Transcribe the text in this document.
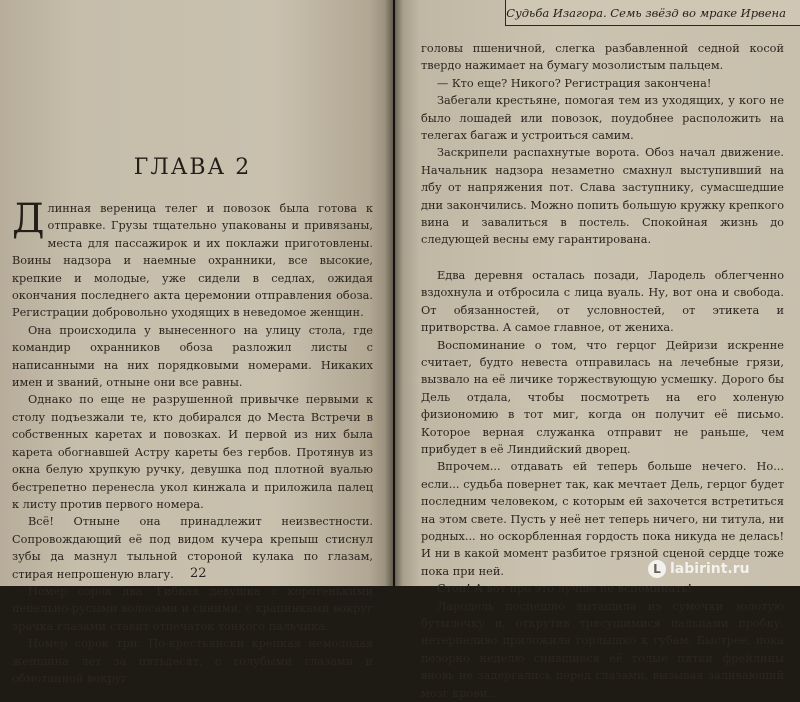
ГЛАВА 2

Длинная вереница телег и повозок была готова к отправке. Грузы тщательно упакованы и привязаны, места для пассажирок и их поклажи приготовлены. Воины надзора и наемные охранники, все высокие, крепкие и молодые, уже сидели в седлах, ожидая окончания последнего акта церемонии отправления обоза. Регистрации добровольно уходящих в неведомое женщин.

Она происходила у вынесенного на улицу стола, где командир охранников обоза разложил листы с написанными на них порядковыми номерами. Никаких имен и званий, отныне они все равны.

Однако по еще не разрушенной привычке первыми к столу подъезжали те, кто добирался до Места Встречи в собственных каретах и повозках. И первой из них была карета обогнавшей Астру кареты без гербов. Протянув из окна белую хрупкую ручку, девушка под плотной вуалью бестрепетно перенесла укол кинжала и приложила палец к листу против первого номера.

Всё! Отныне она принадлежит неизвестности. Сопровождающий её под видом кучера крепыш стиснул зубы да мазнул тыльной стороной кулака по глазам, стирая непрошеную влагу.

Номер сорок два. Гибкая девушка с коротенькими пепельно-русыми волосами и синими, с крапинками вокруг зрачка глазами ставит отпечаток тонкого пальчика.

Номер сорок три. По-крестьянски крепкая немолодая женщина лет за пятьдесят, с голубыми глазами и обмотанной вокруг

22

головы пшеничной, слегка разбавленной седной косой твердо нажимает на бумагу мозолистым пальцем.

— Кто еще? Никого? Регистрация закончена!

Забегали крестьяне, помогая тем из уходящих, у кого не было лошадей или повозок, поудобнее расположить на телегах багаж и устроиться самим.

Заскрипели распахнутые ворота. Обоз начал движение. Начальник надзора незаметно смахнул выступивший на лбу от напряжения пот. Слава заступнику, сумасшедшие дни закончились. Можно попить большую кружку крепкого вина и завалиться в постель. Спокойная жизнь до следующей весны ему гарантирована.

Едва деревня осталась позади, Лародель облегченно вздохнула и отбросила с лица вуаль. Ну, вот она и свобода. От обязанностей, от условностей, от этикета и притворства. А самое главное, от жениха.

Воспоминание о том, что герцог Дейризи искренне считает, будто невеста отправилась на лечебные грязи, вызвало на её личике торжествующую усмешку. Дорого бы Дель отдала, чтобы посмотреть на его холеную физиономию в тот миг, когда он получит её письмо. Которое верная служанка отправит не раньше, чем прибудет в её Линдийский дворец.

Впрочем... отдавать ей теперь больше нечего. Но... если... судьба повернет так, как мечтает Дель, герцог будет последним человеком, с которым ей захочется встретиться на этом свете. Пусть у неё нет теперь ничего, ни титула, ни родных... но оскорбленная гордость пока никуда не делась! И ни в какой момент разбитое грязной сценой сердце тоже пока при ней.

Стоп! А вот про это лучше не вспоминать!

Лародель поспешно вытащила из сумочки золотую бутылочку и, открутив трясущимися пальцами пробку, нетерпеливо приложила горлышко к губам. Быстрее, пока позорно неделю снившиеся её голые пятки фрейлины вновь не задергались перед глазами, вызывая заливающий мозг крови...

Судьба Изагора. Семь звёзд во мраке Ирвена
L labirint.ru
